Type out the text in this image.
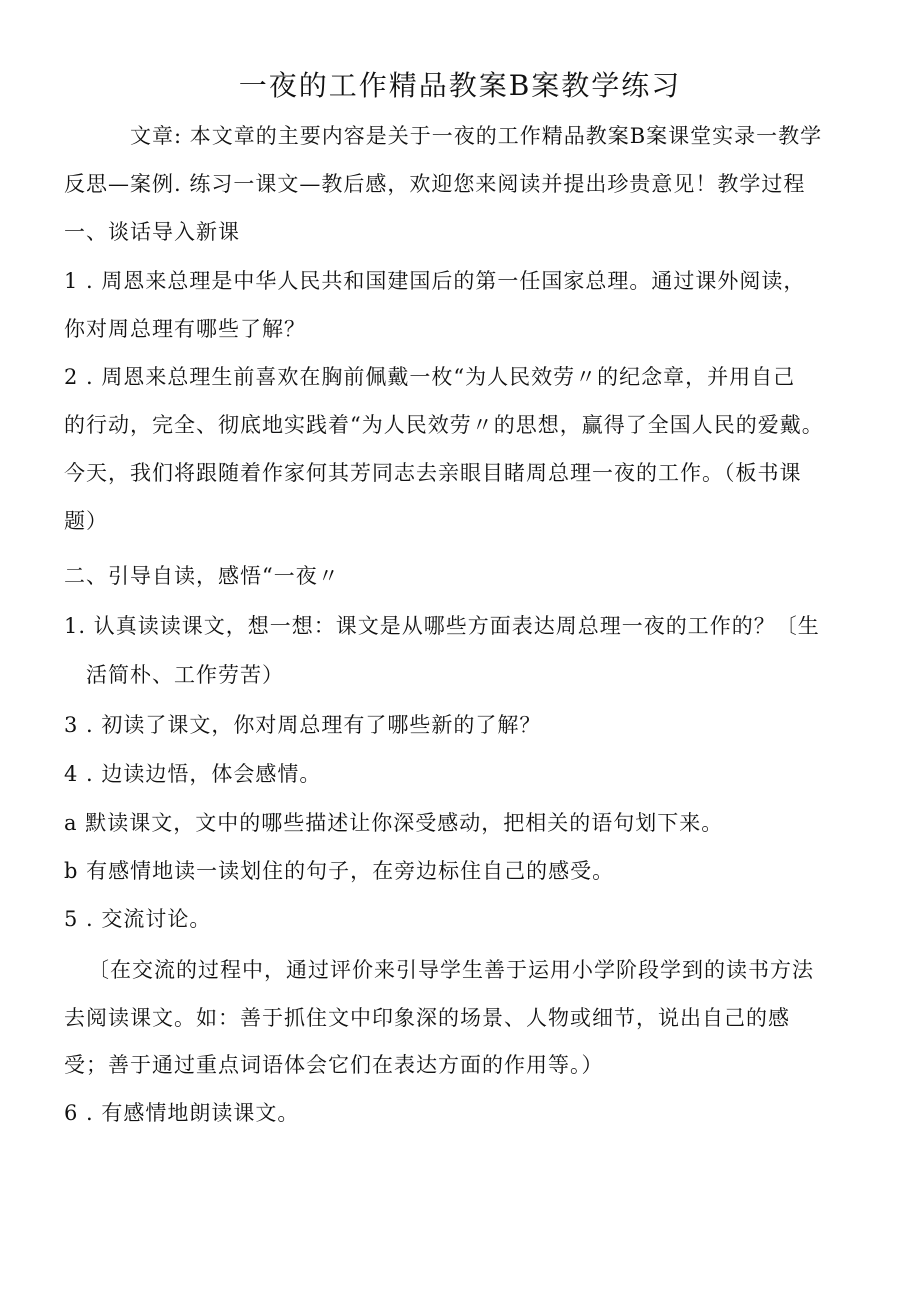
一夜的工作精品教案B案教学练习

文章: 本文章的主要内容是关于一夜的工作精品教案B案课堂实录一教学

反思—案例. 练习一课文—教后感，欢迎您来阅读并提出珍贵意见！教学过程

一、谈话导入新课

1 . 周恩来总理是中华人民共和国建国后的第一任国家总理。通过课外阅读，

你对周总理有哪些了解？

2 . 周恩来总理生前喜欢在胸前佩戴一枚“为人民效劳〃的纪念章，并用自己

的行动，完全、彻底地实践着“为人民效劳〃的思想，赢得了全国人民的爱戴。

今天，我们将跟随着作家何其芳同志去亲眼目睹周总理一夜的工作。（板书课

题）

二、引导自读，感悟“一夜〃

1. 认真读读课文，想一想：课文是从哪些方面表达周总理一夜的工作的？〔生

活简朴、工作劳苦）

3 . 初读了课文，你对周总理有了哪些新的了解？

4 . 边读边悟，体会感情。

a 默读课文，文中的哪些描述让你深受感动，把相关的语句划下来。

b 有感情地读一读划住的句子，在旁边标住自己的感受。

5 . 交流讨论。

〔在交流的过程中，通过评价来引导学生善于运用小学阶段学到的读书方法

去阅读课文。如：善于抓住文中印象深的场景、人物或细节，说出自己的感

受；善于通过重点词语体会它们在表达方面的作用等。）

6 . 有感情地朗读课文。
